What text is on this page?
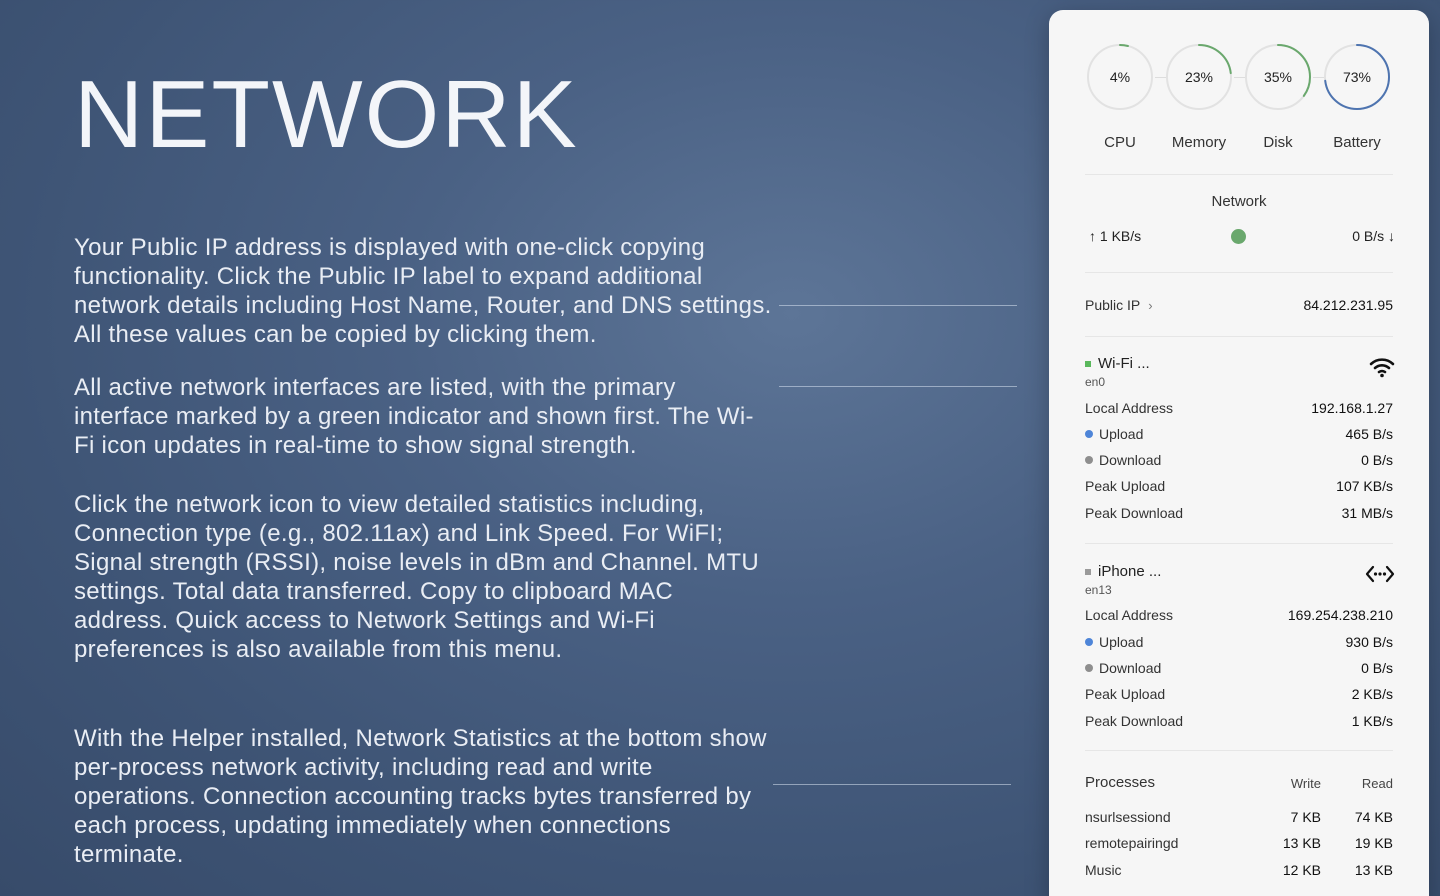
NETWORK
Your Public IP address is displayed with one-click copying functionality. Click the Public IP label to expand additional network details including Host Name, Router, and DNS settings. All these values can be copied by clicking them.
All active network interfaces are listed, with the primary interface marked by a green indicator and shown first. The Wi-Fi icon updates in real-time to show signal strength.
Click the network icon to view detailed statistics including, Connection type (e.g., 802.11ax) and Link Speed. For WiFI; Signal strength (RSSI), noise levels in dBm and Channel. MTU settings. Total data transferred. Copy to clipboard MAC address. Quick access to Network Settings and Wi-Fi preferences is also available from this menu.
With the Helper installed, Network Statistics at the bottom show per-process network activity, including read and write operations. Connection accounting tracks bytes transferred by each process, updating immediately when connections terminate.
4%
CPU
23%
Memory
35%
Disk
73%
Battery
Network
↑ 1 KB/s	0 B/s ↓
Public IP ›	84.212.231.95
Wi-Fi ...
en0
Local Address	192.168.1.27
Upload	465 B/s
Download	0 B/s
Peak Upload	107 KB/s
Peak Download	31 MB/s
iPhone ...
en13
Local Address	169.254.238.210
Upload	930 B/s
Download	0 B/s
Peak Upload	2 KB/s
Peak Download	1 KB/s
Processes	Write	Read
nsurlsessiond	7 KB 74 KB
remotepairingd	13 KB 19 KB
Music	12 KB 13 KB
